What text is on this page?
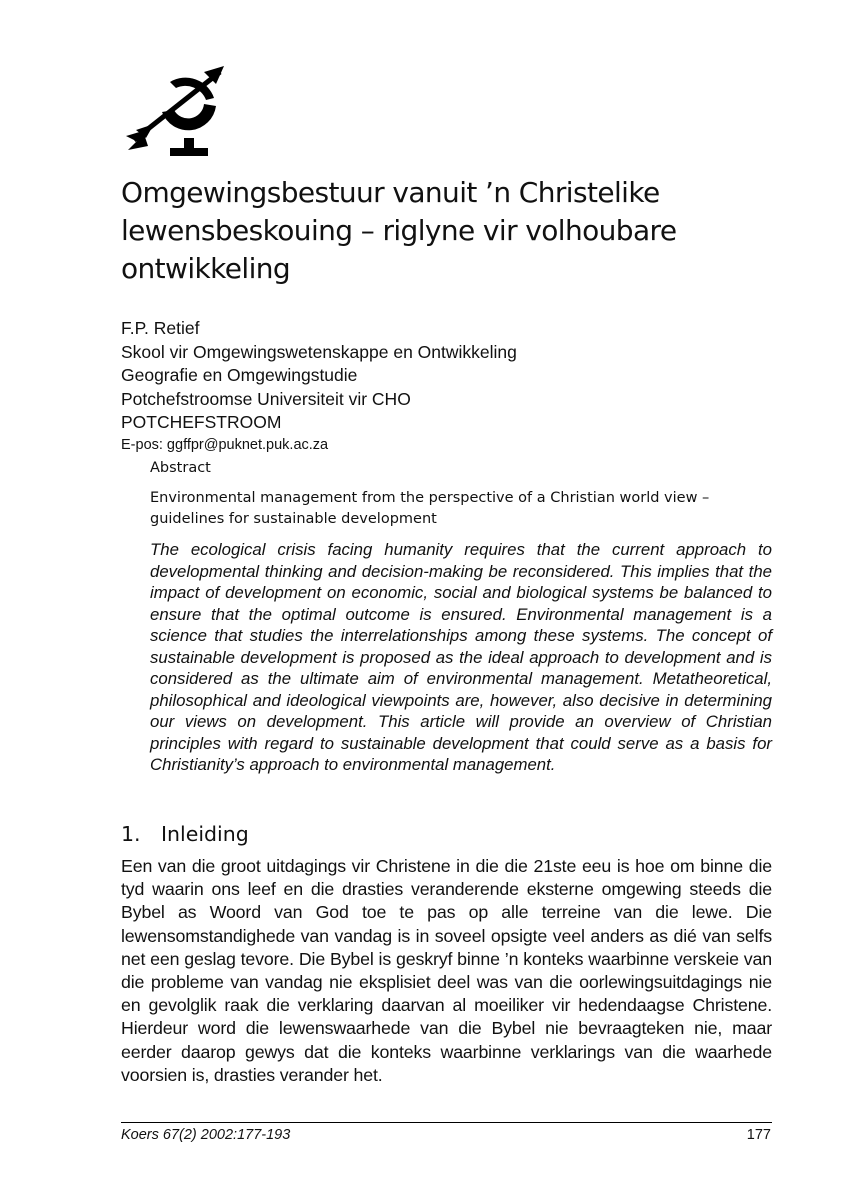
Omgewingsbestuur vanuit ’n Christelike lewensbeskouing – riglyne vir volhoubare ontwikkeling
F.P. Retief
Skool vir Omgewingswetenskappe en Ontwikkeling
Geografie en Omgewingstudie
Potchefstroomse Universiteit vir CHO
POTCHEFSTROOM
E-pos: ggffpr@puknet.puk.ac.za
Abstract
Environmental management from the perspective of a Christian world view – guidelines for sustainable development

The ecological crisis facing humanity requires that the current approach to developmental thinking and decision-making be reconsidered. This implies that the impact of development on economic, social and biological systems be balanced to ensure that the optimal outcome is ensured. Environmental management is a science that studies the interrelationships among these systems. The concept of sustainable development is proposed as the ideal approach to development and is considered as the ultimate aim of environmental management. Metatheoretical, philosophical and ideological viewpoints are, however, also decisive in determining our views on development. This article will provide an overview of Christian principles with regard to sustainable development that could serve as a basis for Christianity’s approach to environmental management.

1. Inleiding

Een van die groot uitdagings vir Christene in die die 21ste eeu is hoe om binne die tyd waarin ons leef en die drasties veranderende eksterne omgewing steeds die Bybel as Woord van God toe te pas op alle terreine van die lewe. Die lewensomstandighede van vandag is in soveel opsigte veel anders as dié van selfs net een geslag tevore. Die Bybel is geskryf binne ’n konteks waarbinne verskeie van die probleme van vandag nie eksplisiet deel was van die oorlewingsuitdagings nie en gevolglik raak die verklaring daarvan al moeiliker vir hedendaagse Christene. Hierdeur word die lewenswaarhede van die Bybel nie bevraagteken nie, maar eerder daarop gewys dat die konteks waarbinne verklarings van die waarhede voorsien is, drasties verander het.

Koers 67(2) 2002:177-193	177
